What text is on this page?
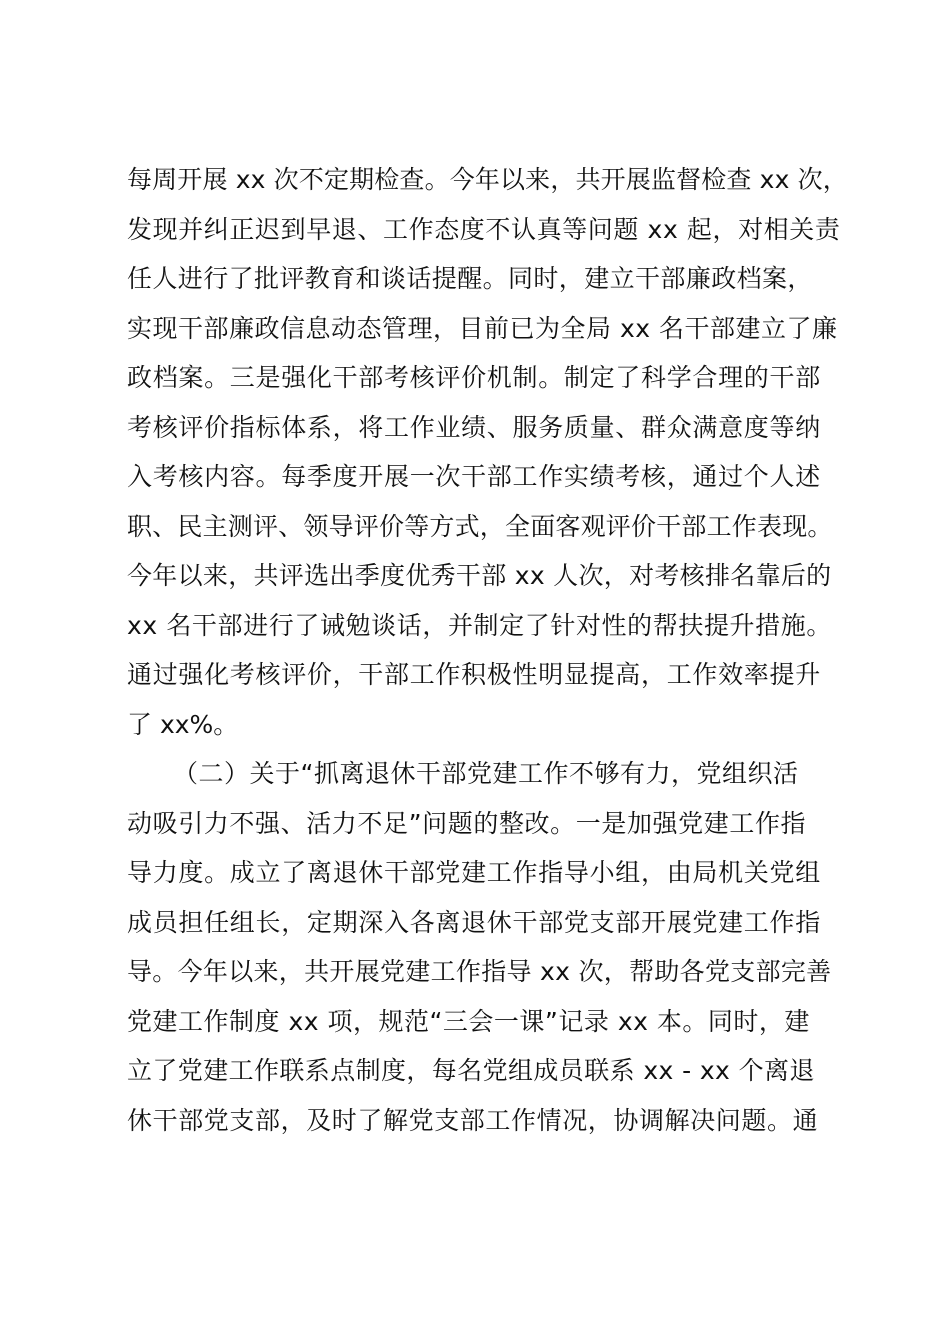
每周开展 xx 次不定期检查。今年以来，共开展监督检查 xx 次，
发现并纠正迟到早退、工作态度不认真等问题 xx 起，对相关责
任人进行了批评教育和谈话提醒。同时，建立干部廉政档案，
实现干部廉政信息动态管理，目前已为全局 xx 名干部建立了廉
政档案。三是强化干部考核评价机制。制定了科学合理的干部
考核评价指标体系，将工作业绩、服务质量、群众满意度等纳
入考核内容。每季度开展一次干部工作实绩考核，通过个人述
职、民主测评、领导评价等方式，全面客观评价干部工作表现。
今年以来，共评选出季度优秀干部 xx 人次，对考核排名靠后的
xx 名干部进行了诫勉谈话，并制定了针对性的帮扶提升措施。
通过强化考核评价，干部工作积极性明显提高，工作效率提升
了 xx%。
（二）关于“抓离退休干部党建工作不够有力，党组织活
动吸引力不强、活力不足”问题的整改。一是加强党建工作指
导力度。成立了离退休干部党建工作指导小组，由局机关党组
成员担任组长，定期深入各离退休干部党支部开展党建工作指
导。今年以来，共开展党建工作指导 xx 次，帮助各党支部完善
党建工作制度 xx 项，规范“三会一课”记录 xx 本。同时，建
立了党建工作联系点制度，每名党组成员联系 xx - xx 个离退
休干部党支部，及时了解党支部工作情况，协调解决问题。通
